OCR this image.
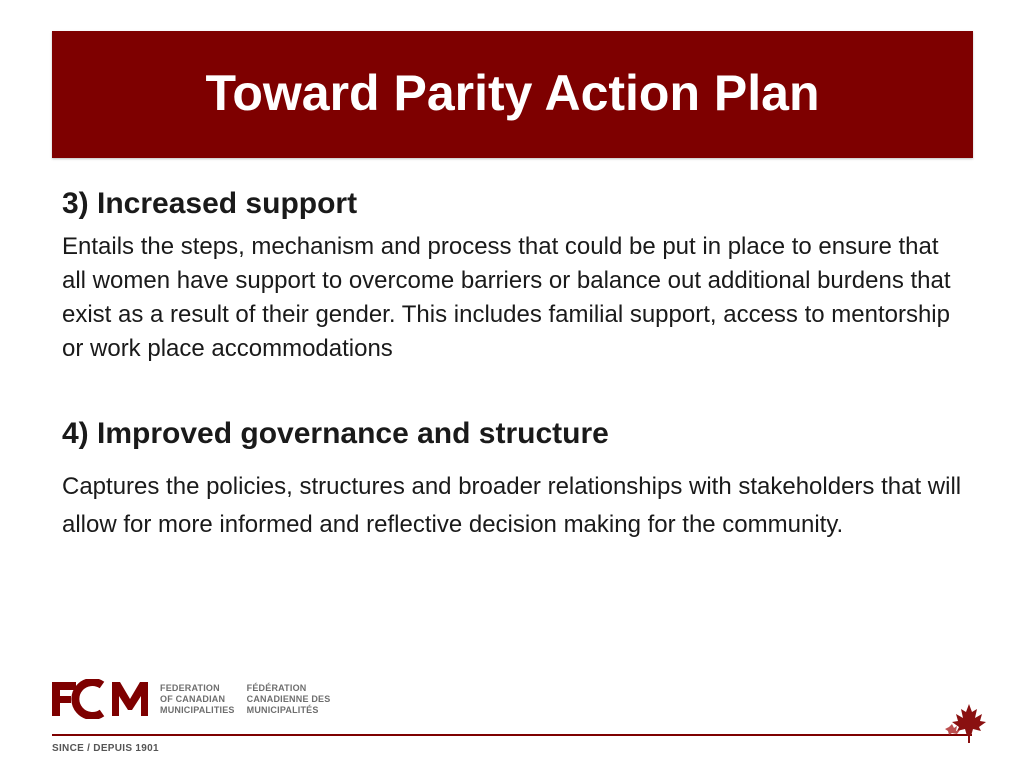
Toward Parity Action Plan
3) Increased support

Entails the steps, mechanism and process that could be put in place to ensure that all women have support to overcome barriers or balance out additional burdens that exist as a result of their gender. This includes familial support, access to mentorship or work place accommodations

4) Improved governance and structure

Captures the policies, structures and broader relationships with stakeholders that will allow for more informed and reflective decision making for the community.

FEDERATION
OF CANADIAN
MUNICIPALITIES
FÉDÉRATION
CANADIENNE DES
MUNICIPALITÉS
SINCE / DEPUIS 1901
